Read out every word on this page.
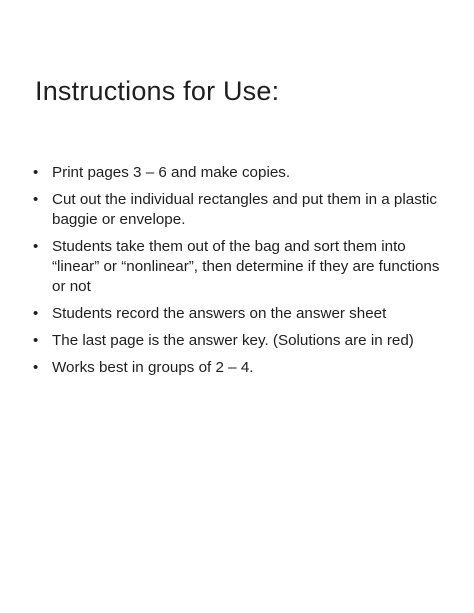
Instructions for Use:
• Print pages 3 – 6 and make copies.
• Cut out the individual rectangles and put them in a plastic baggie or envelope.
• Students take them out of the bag and sort them into “linear” or “nonlinear”, then determine if they are functions or not
• Students record the answers on the answer sheet
• The last page is the answer key. (Solutions are in red)
• Works best in groups of 2 – 4.
